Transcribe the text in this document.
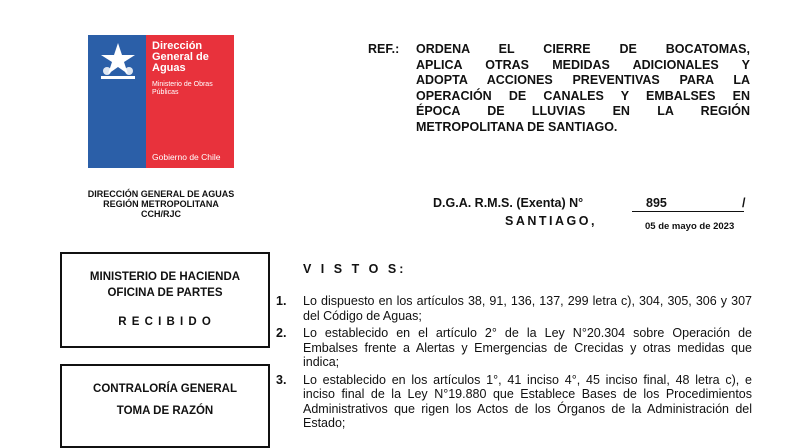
Dirección
General de
Aguas
Ministerio de Obras
Públicas
Gobierno de Chile
DIRECCIÓN GENERAL DE AGUAS
REGIÓN METROPOLITANA
CCH/RJC
REF.: ORDENA EL CIERRE DE BOCATOMAS,
APLICA OTRAS MEDIDAS ADICIONALES Y
ADOPTA ACCIONES PREVENTIVAS PARA LA
OPERACIÓN DE CANALES Y EMBALSES EN
ÉPOCA DE LLUVIAS EN LA REGIÓN
METROPOLITANA DE SANTIAGO.
D.G.A. R.M.S. (Exenta) N°	895	/
SANTIAGO,	05 de mayo de 2023
MINISTERIO DE HACIENDA
OFICINA DE PARTES
R E C I B I D O
CONTRALORÍA GENERAL
TOMA DE RAZÓN
V I S T O S:
1. Lo dispuesto en los artículos 38, 91, 136, 137, 299 letra c), 304, 305, 306 y 307 del Código de Aguas;
2. Lo establecido en el artículo 2° de la Ley N°20.304 sobre Operación de Embalses frente a Alertas y Emergencias de Crecidas y otras medidas que indica;
3. Lo establecido en los artículos 1°, 41 inciso 4°, 45 inciso final, 48 letra c), e inciso final de la Ley N°19.880 que Establece Bases de los Procedimientos Administrativos que rigen los Actos de los Órganos de la Administración del Estado;
